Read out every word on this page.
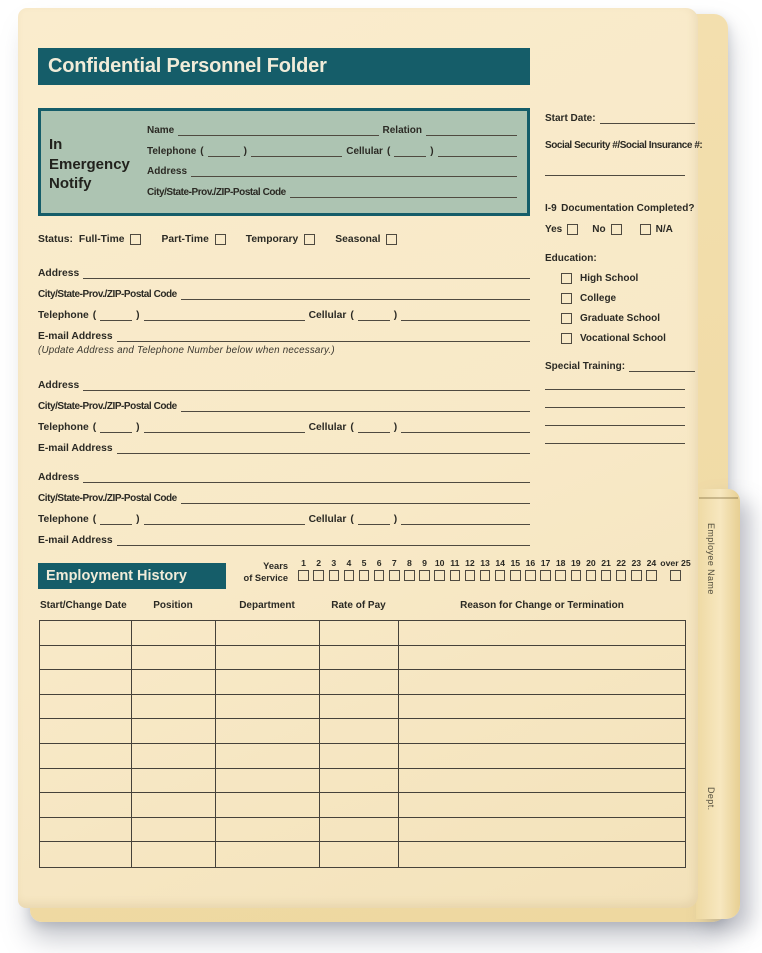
Employee Name
Dept.
Confidential Personnel Folder
In Emergency
Notify
Name	Relation
Telephone (	)	Cellular (	)
Address
City/State-Prov./ZIP-Postal Code
Start Date:
Social Security #/Social Insurance #:
I-9 Documentation Completed?
Yes	No	N/A
Education:
High School
College
Graduate School
Vocational School
Special Training:
Status: Full-Time	Part-Time	Temporary	Seasonal
Address
City/State-Prov./ZIP-Postal Code
Telephone (	)	Cellular (	)
E-mail Address
(Update Address and Telephone Number below when necessary.)
Address
City/State-Prov./ZIP-Postal Code
Telephone (	)	Cellular (	)
E-mail Address
Address
City/State-Prov./ZIP-Postal Code
Telephone (	)	Cellular (	)
E-mail Address
Employment History
Years
of Service
1 2 3 4 5 6 7 8 9 10 11 12 13 14 15 16 17 18 19 20 21 22 23 24 over 25
Start/Change Date	Position	Department	Rate of Pay	Reason for Change or Termination
